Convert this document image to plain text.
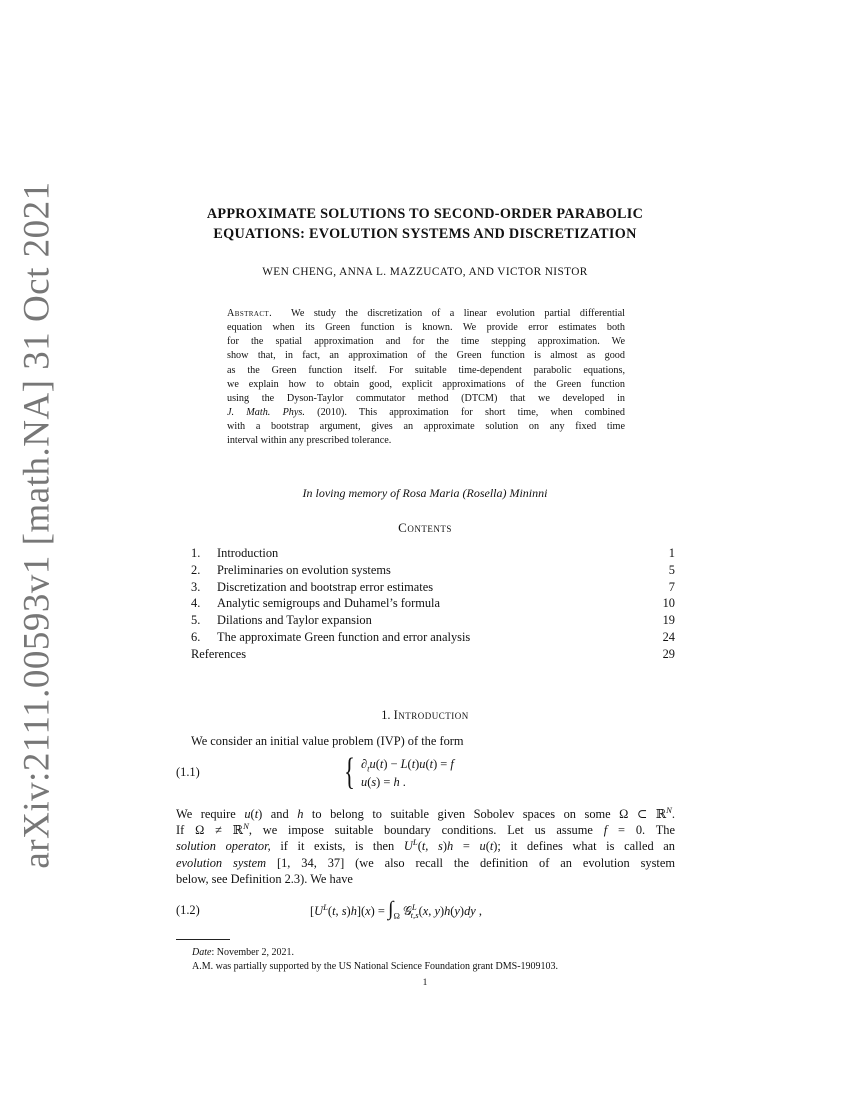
arXiv:2111.00593v1 [math.NA] 31 Oct 2021	APPROXIMATE SOLUTIONS TO SECOND-ORDER PARABOLIC
EQUATIONS: EVOLUTION SYSTEMS AND DISCRETIZATION
WEN CHENG, ANNA L. MAZZUCATO, AND VICTOR NISTOR
Abstract. We study the discretization of a linear evolution partial differential
equation when its Green function is known. We provide error estimates both
for the spatial approximation and for the time stepping approximation. We
show that, in fact, an approximation of the Green function is almost as good
as the Green function itself. For suitable time-dependent parabolic equations,
we explain how to obtain good, explicit approximations of the Green function
using the Dyson-Taylor commutator method (DTCM) that we developed in
J. Math. Phys. (2010). This approximation for short time, when combined
with a bootstrap argument, gives an approximate solution on any fixed time
interval within any prescribed tolerance.
In loving memory of Rosa Maria (Rosella) Mininni
Contents
1. Introduction	1
2. Preliminaries on evolution systems	5
3. Discretization and bootstrap error estimates	7
4. Analytic semigroups and Duhamel’s formula	10
5. Dilations and Taylor expansion	19
6. The approximate Green function and error analysis	24
References	29
1. Introduction
We consider an initial value problem (IVP) of the form
(1.1)	{ $\partial_tu(t) - L(t)u(t) = f$
u(s) = h .
We require u(t) and h to belong to suitable given Sobolev spaces on some Ω ⊂ ℝ$^N$.
If Ω ≠ ℝ$^N$, we impose suitable boundary conditions. Let us assume f = 0. The
solution operator, if it exists, is then $U^L(t$, s)h = u(t); it defines what is called an
evolution system [1, 34, 37] (we also recall the definition of an evolution system
below, see Definition 2.3). We have
(1.2)	[$U^L(t$, $s)h](x) = \int_\Omega$ 𝒢$^L_{t,s}$(x, y)h(y)dy ,
Date: November 2, 2021.
A.M. was partially supported by the US National Science Foundation grant DMS-1909103.
1
